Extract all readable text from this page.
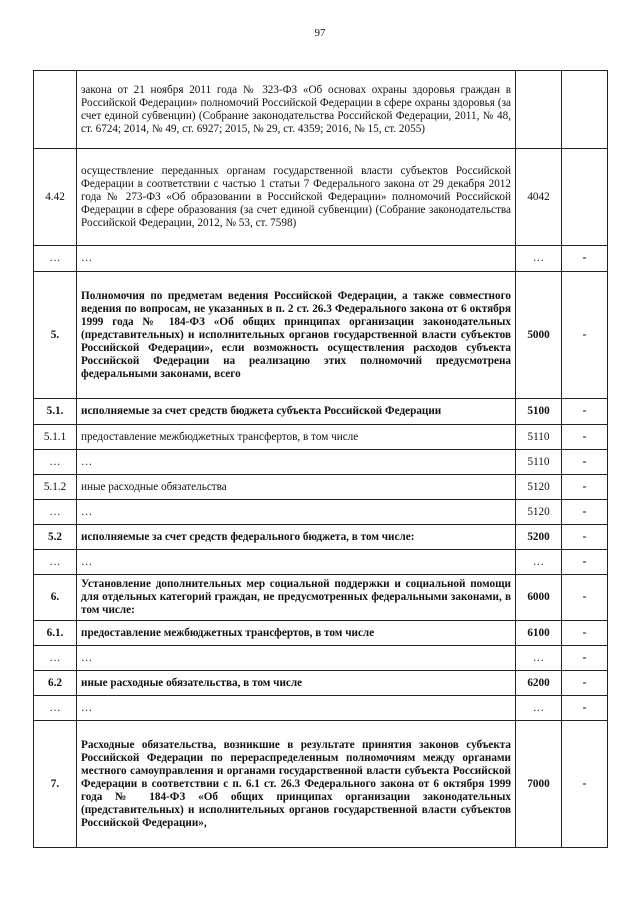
97
	закона от 21 ноября 2011 года № 323-ФЗ «Об основах охраны здоровья граждан в Российской Федерации» полномочий Российской Федерации в сфере охраны здоровья (за счет единой субвенции) (Собрание законодательства Российской Федерации, 2011, № 48, ст. 6724; 2014, № 49, ст. 6927; 2015, № 29, ст. 4359; 2016, № 15, ст. 2055)		
4.42	осуществление переданных органам государственной власти субъектов Российской Федерации в соответствии с частью 1 статьи 7 Федерального закона от 29 декабря 2012 года № 273-ФЗ «Об образовании в Российской Федерации» полномочий Российской Федерации в сфере образования (за счет единой субвенции) (Собрание законодательства Российской Федерации, 2012, № 53, ст. 7598)	4042	
…	…	…	-
5.	Полномочия по предметам ведения Российской Федерации, а также совместного ведения по вопросам, не указанных в п. 2 ст. 26.3 Федерального закона от 6 октября 1999 года № 184-ФЗ «Об общих принципах организации законодательных (представительных) и исполнительных органов государственной власти субъектов Российской Федерации», если возможность осуществления расходов субъекта Российской Федерации на реализацию этих полномочий предусмотрена федеральными законами, всего	5000	-
5.1.	исполняемые за счет средств бюджета субъекта Российской Федерации	5100	-
5.1.1	предоставление межбюджетных трансфертов, в том числе	5110	-
…	…	5110	-
5.1.2	иные расходные обязательства	5120	-
…	…	5120	-
5.2	исполняемые за счет средств федерального бюджета, в том числе:	5200	-
…	…	…	-
6.	Установление дополнительных мер социальной поддержки и социальной помощи для отдельных категорий граждан, не предусмотренных федеральными законами, в том числе:	6000	-
6.1.	предоставление межбюджетных трансфертов, в том числе	6100	-
…	…	…	-
6.2	иные расходные обязательства, в том числе	6200	-
…	…	…	-
7.	Расходные обязательства, возникшие в результате принятия законов субъекта Российской Федерации по перераспределенным полномочиям между органами местного самоуправления и органами государственной власти субъекта Российской Федерации в соответствии с п. 6.1 ст. 26.3 Федерального закона от 6 октября 1999 года № 184-ФЗ «Об общих принципах организации законодательных (представительных) и исполнительных органов государственной власти субъектов Российской Федерации»,	7000	-
